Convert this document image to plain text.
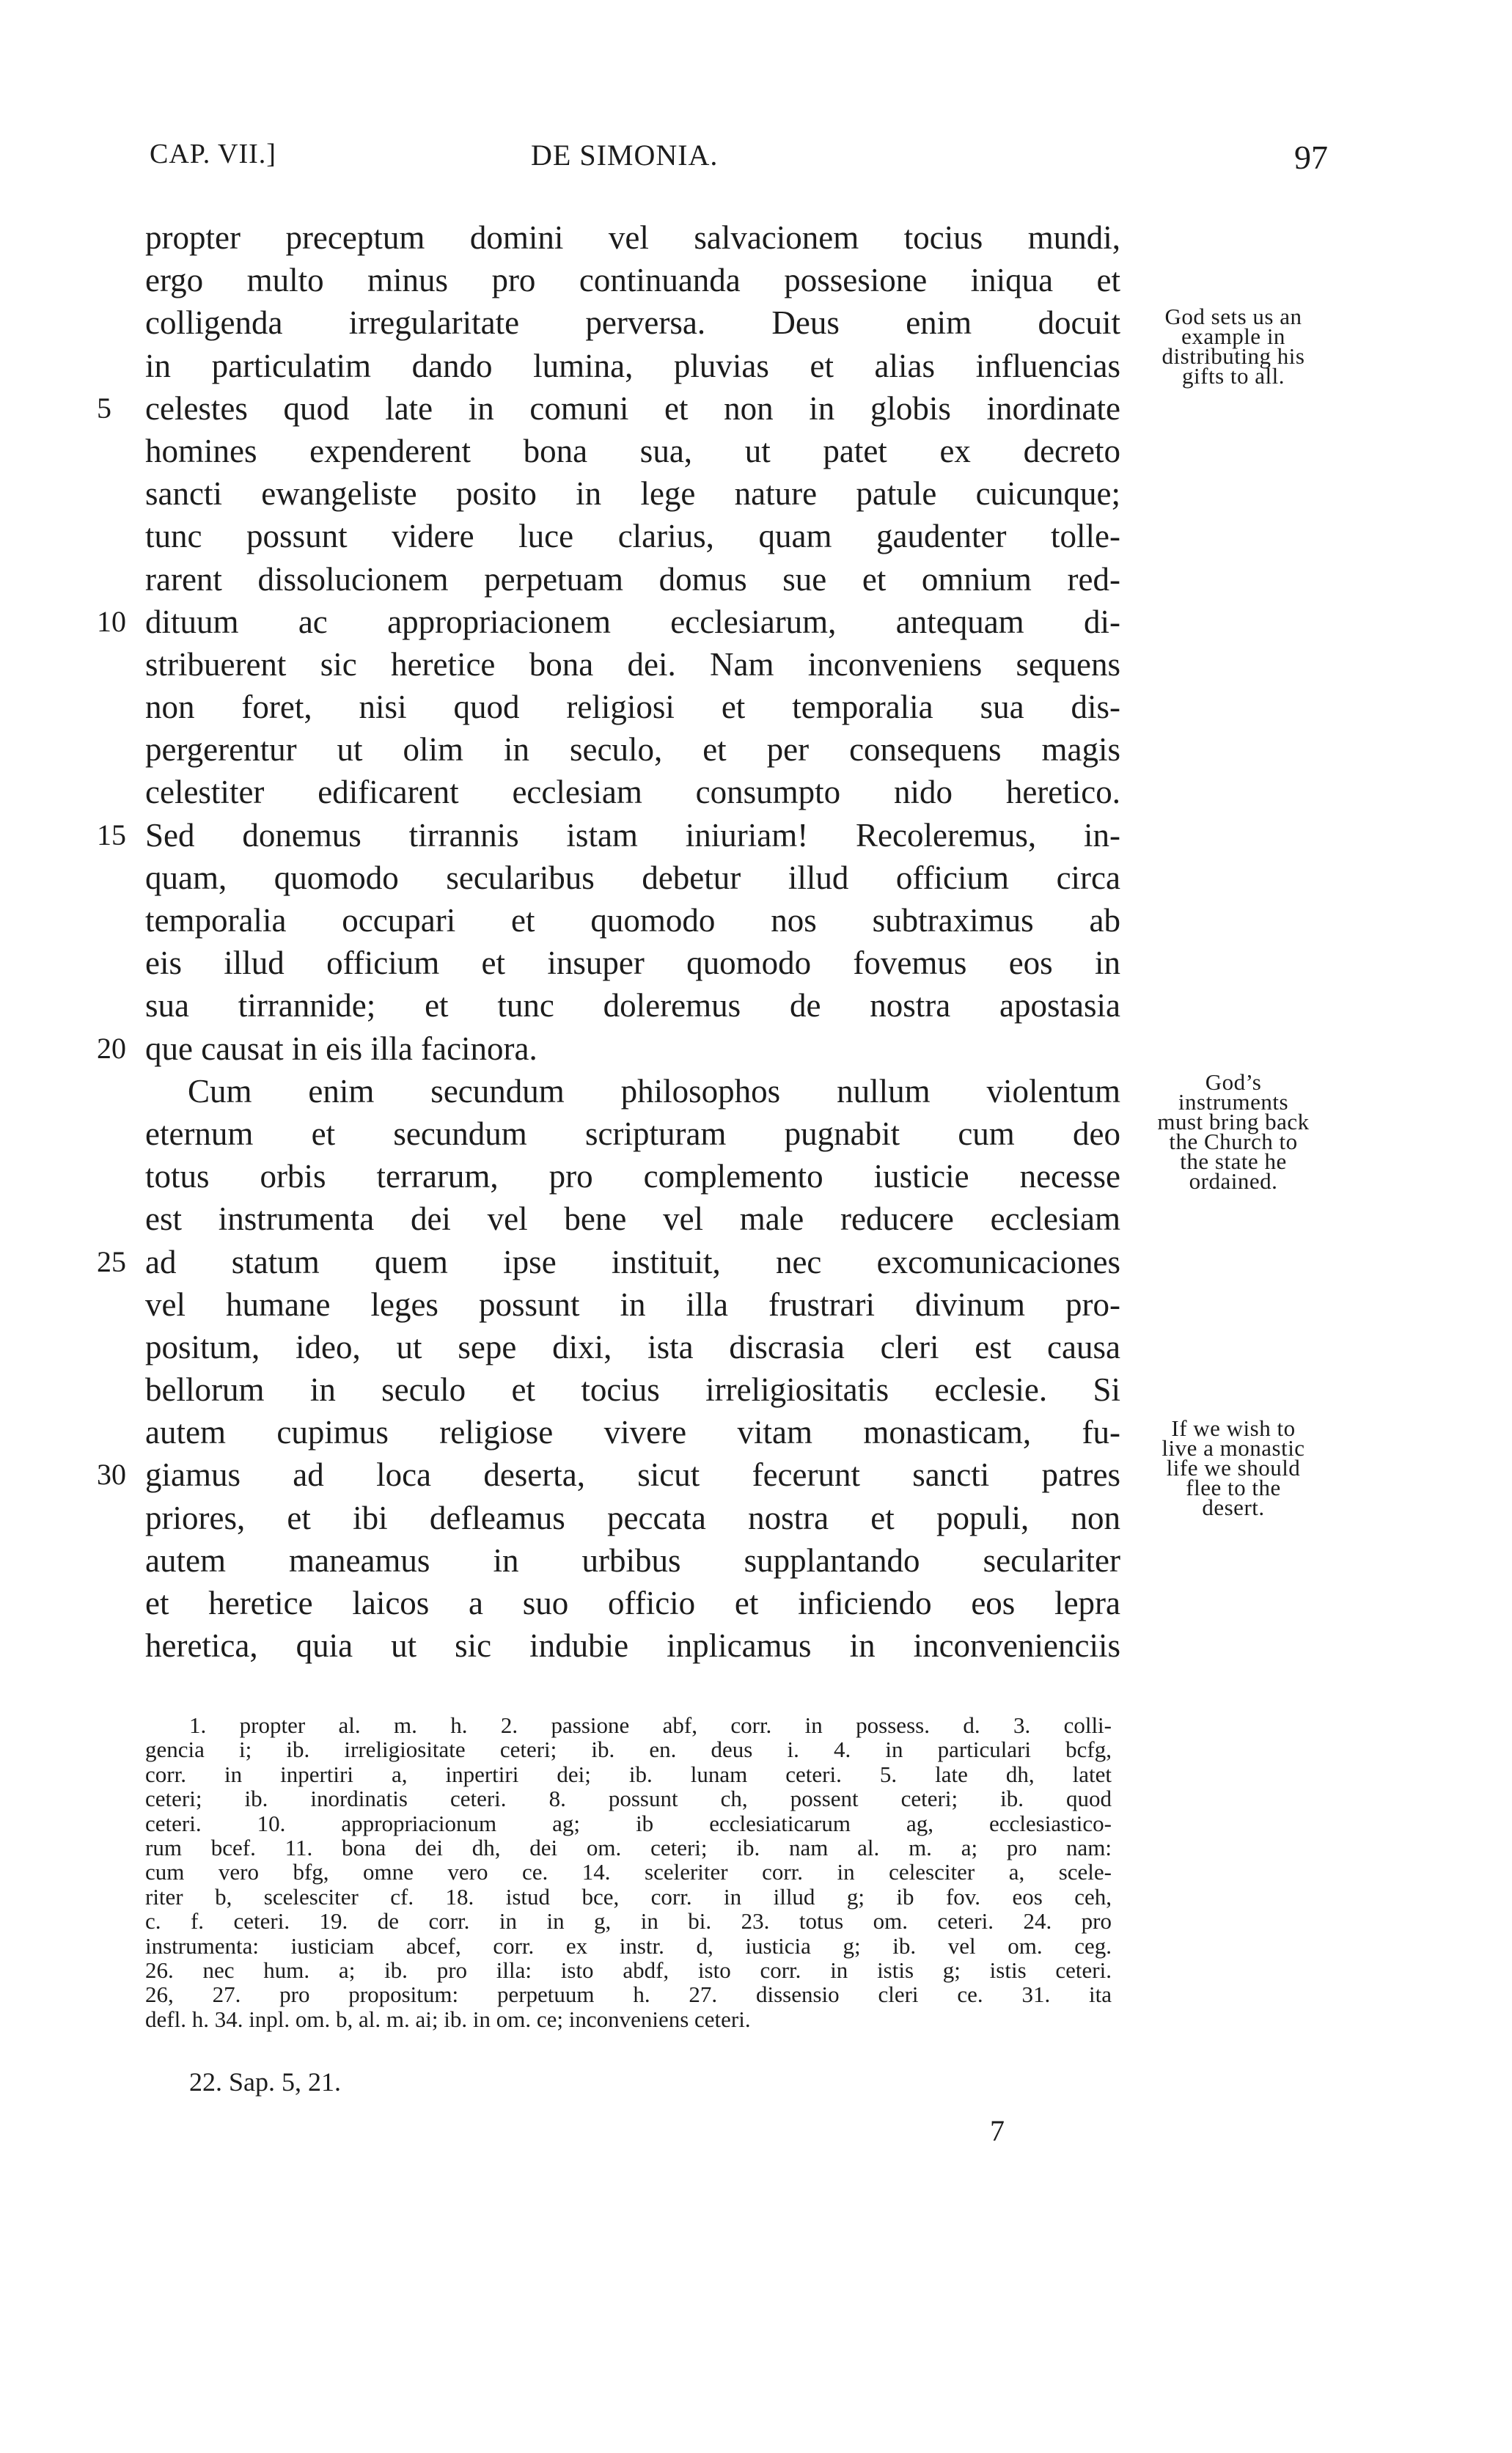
CAP. VII.]	DE SIMONIA.	97
propter preceptum domini vel salvacionem tocius mundi,
ergo multo minus pro continuanda possesione iniqua et
colligenda irregularitate perversa. Deus enim docuit
in particulatim dando lumina, pluvias et alias influencias
celestes quod late in comuni et non in globis inordinate
5
homines expenderent bona sua, ut patet ex decreto
sancti ewangeliste posito in lege nature patule cuicunque;
tunc possunt videre luce clarius, quam gaudenter tolle-
rarent dissolucionem perpetuam domus sue et omnium red-
dituum ac appropriacionem ecclesiarum, antequam di-
10
stribuerent sic heretice bona dei. Nam inconveniens sequens
non foret, nisi quod religiosi et temporalia sua dis-
pergerentur ut olim in seculo, et per consequens magis
celestiter edificarent ecclesiam consumpto nido heretico.
Sed donemus tirrannis istam iniuriam! Recoleremus, in-
15
quam, quomodo secularibus debetur illud officium circa
temporalia occupari et quomodo nos subtraximus ab
eis illud officium et insuper quomodo fovemus eos in
sua tirrannide; et tunc doleremus de nostra apostasia
que causat in eis illa facinora.
20
Cum enim secundum philosophos nullum violentum
eternum et secundum scripturam pugnabit cum deo
totus orbis terrarum, pro complemento iusticie necesse
est instrumenta dei vel bene vel male reducere ecclesiam
ad statum quem ipse instituit, nec excomunicaciones
25
vel humane leges possunt in illa frustrari divinum pro-
positum, ideo, ut sepe dixi, ista discrasia cleri est causa
bellorum in seculo et tocius irreligiositatis ecclesie. Si
autem cupimus religiose vivere vitam monasticam, fu-
giamus ad loca deserta, sicut fecerunt sancti patres
30
priores, et ibi defleamus peccata nostra et populi, non
autem maneamus in urbibus supplantando seculariter
et heretice laicos a suo officio et inficiendo eos lepra
heretica, quia ut sic indubie inplicamus in inconvenienciis
God sets us an
example in
distributing his
gifts to all.
God’s
instruments
must bring back
the Church to
the state he
ordained.
If we wish to
live a monastic
life we should
flee to the
desert.
1. propter al. m. h. 2. passione abf, corr. in possess. d. 3. colli-
gencia i; ib. irreligiositate ceteri; ib. en. deus i. 4. in particulari bcfg,
corr. in inpertiri a, inpertiri dei; ib. lunam ceteri. 5. late dh, latet
ceteri; ib. inordinatis ceteri. 8. possunt ch, possent ceteri; ib. quod
ceteri. 10. appropriacionum ag; ib ecclesiaticarum ag, ecclesiastico-
rum bcef. 11. bona dei dh, dei om. ceteri; ib. nam al. m. a; pro nam:
cum vero bfg, omne vero ce. 14. sceleriter corr. in celesciter a, scele-
riter b, scelesciter cf. 18. istud bce, corr. in illud g; ib fov. eos ceh,
c. f. ceteri. 19. de corr. in in g, in bi. 23. totus om. ceteri. 24. pro
instrumenta: iusticiam abcef, corr. ex instr. d, iusticia g; ib. vel om. ceg.
26. nec hum. a; ib. pro illa: isto abdf, isto corr. in istis g; istis ceteri.
26, 27. pro propositum: perpetuum h. 27. dissensio cleri ce. 31. ita
defl. h. 34. inpl. om. b, al. m. ai; ib. in om. ce; inconveniens ceteri.
22. Sap. 5, 21.
7
